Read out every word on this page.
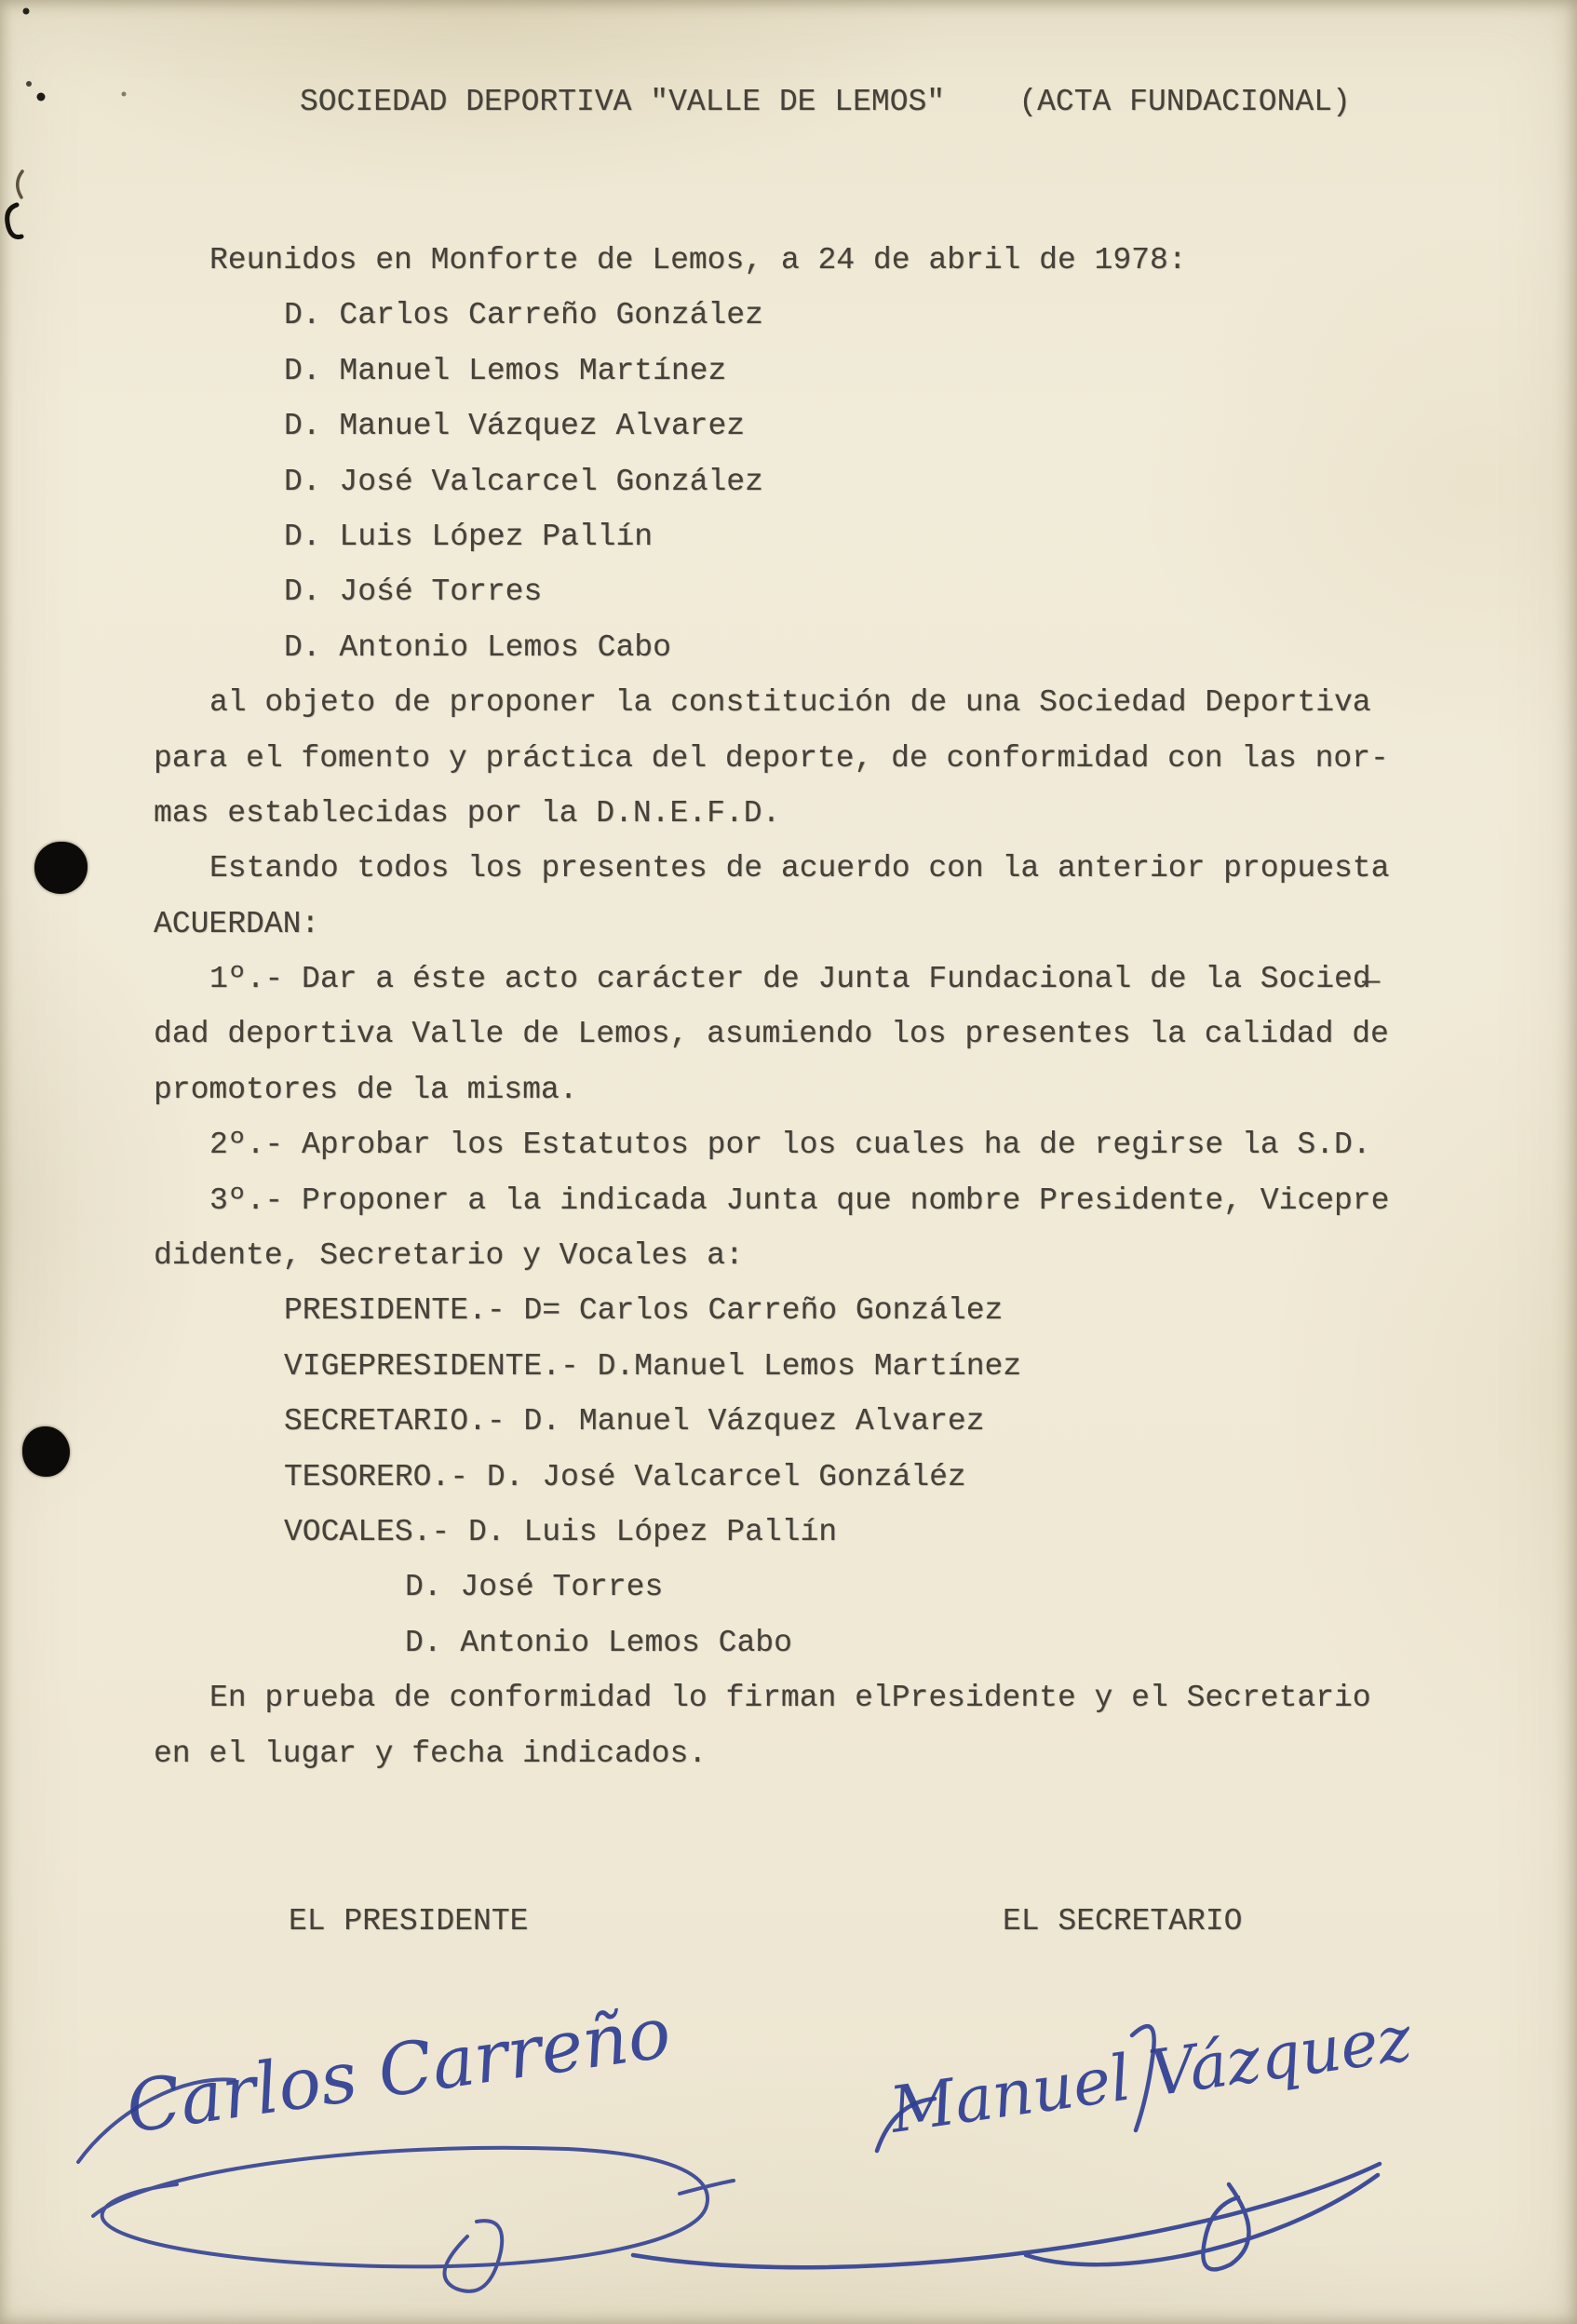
SOCIEDAD DEPORTIVA "VALLE DE LEMOS"    (ACTA FUNDACIONAL)
Reunidos en Monforte de Lemos, a 24 de abril de 1978:
D. Carlos Carreño González
D. Manuel Lemos Martínez
D. Manuel Vázquez Alvarez
D. José Valcarcel González
D. Luis López Pallín
D. Jośé Torres
D. Antonio Lemos Cabo
al objeto de proponer la constitución de una Sociedad Deportiva
para el fomento y práctica del deporte, de conformidad con las nor-
mas establecidas por la D.N.E.F.D.
Estando todos los presentes de acuerdo con la anterior propuesta
ACUERDAN:
1º.- Dar a éste acto carácter de Junta Fundacional de la Socied̶
dad deportiva Valle de Lemos, asumiendo los presentes la calidad de
promotores de la misma.
2º.- Aprobar los Estatutos por los cuales ha de regirse la S.D.
3º.- Proponer a la indicada Junta que nombre Presidente, Vicepre
didente, Secretario y Vocales a:
PRESIDENTE.- D= Carlos Carreño González
VIGEPRESIDENTE.- D.Manuel Lemos Martínez
SECRETARIO.- D. Manuel Vázquez Alvarez
TESORERO.- D. José Valcarcel Gonzáléz
VOCALES.- D. Luis López Pallín
D. José Torres
D. Antonio Lemos Cabo
En prueba de conformidad lo firman elPresidente y el Secretario
en el lugar y fecha indicados.
EL PRESIDENTE	EL SECRETARIO
Carlos Carreño	Manuel Vázquez
